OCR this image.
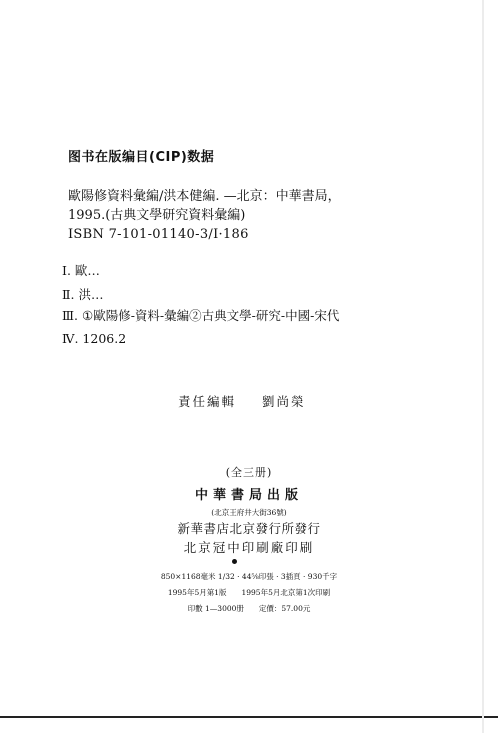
图书在版编目(CIP)数据
歐陽修資料彙編/洪本健編. —北京：中華書局，
1995.(古典文學研究資料彙編)
ISBN 7-101-01140-3/Ⅰ·186
Ⅰ. 歐…
Ⅱ. 洪…
Ⅲ. ①歐陽修-資料-彙編②古典文學-研究-中國-宋代
Ⅳ. 1206.2
責任編輯 劉尚榮
(全三册)
中華書局出版
(北京王府井大街36號)
新華書店北京發行所發行
北京冠中印刷廠印刷
850×1168毫米 1/32 · 44⅝印張 · 3插頁 · 930千字
1995年5月第1版　　1995年5月北京第1次印刷
印數 1—3000册　　定價：57.00元
